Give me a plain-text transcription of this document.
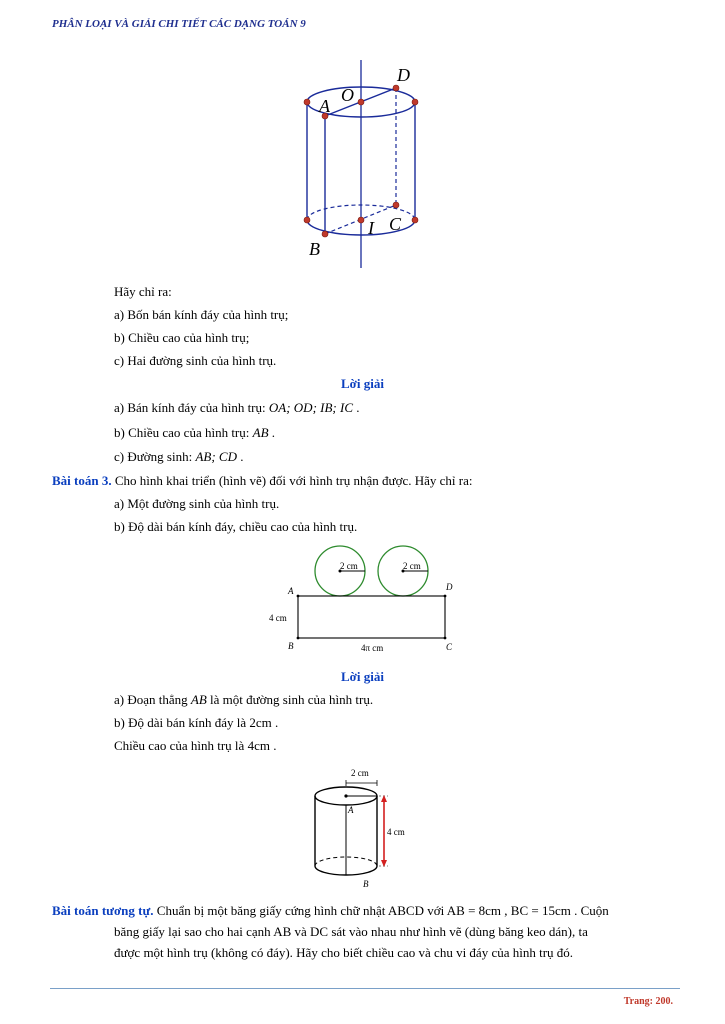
PHÂN LOẠI VÀ GIẢI CHI TIẾT CÁC DẠNG TOÁN 9
A
O
D
B
I C
Hãy chỉ ra:
a) Bốn bán kính đáy của hình trụ;
b) Chiều cao của hình trụ;
c) Hai đường sinh của hình trụ.
Lời giải
a) Bán kính đáy của hình trụ: OA; OD; IB; IC .
b) Chiều cao của hình trụ: AB .
c) Đường sinh: AB; CD .
Bài toán 3. Cho hình khai triển (hình vẽ) đối với hình trụ nhận được. Hãy chỉ ra:
a) Một đường sinh của hình trụ.
b) Độ dài bán kính đáy, chiều cao của hình trụ.
2 cm	2 cm
A	D
B	C
4 cm
4π cm
Lời giải
a) Đoạn thẳng AB là một đường sinh của hình trụ.
b) Độ dài bán kính đáy là 2cm .
Chiều cao của hình trụ là 4cm .
2 cm
A
B
4 cm
Bài toán tương tự. Chuẩn bị một băng giấy cứng hình chữ nhật ABCD với AB = 8cm , BC = 15cm . Cuộn
băng giấy lại sao cho hai cạnh AB và DC sát vào nhau như hình vẽ (dùng băng keo dán), ta
được một hình trụ (không có đáy). Hãy cho biết chiều cao và chu vi đáy của hình trụ đó.
Trang: 200.
